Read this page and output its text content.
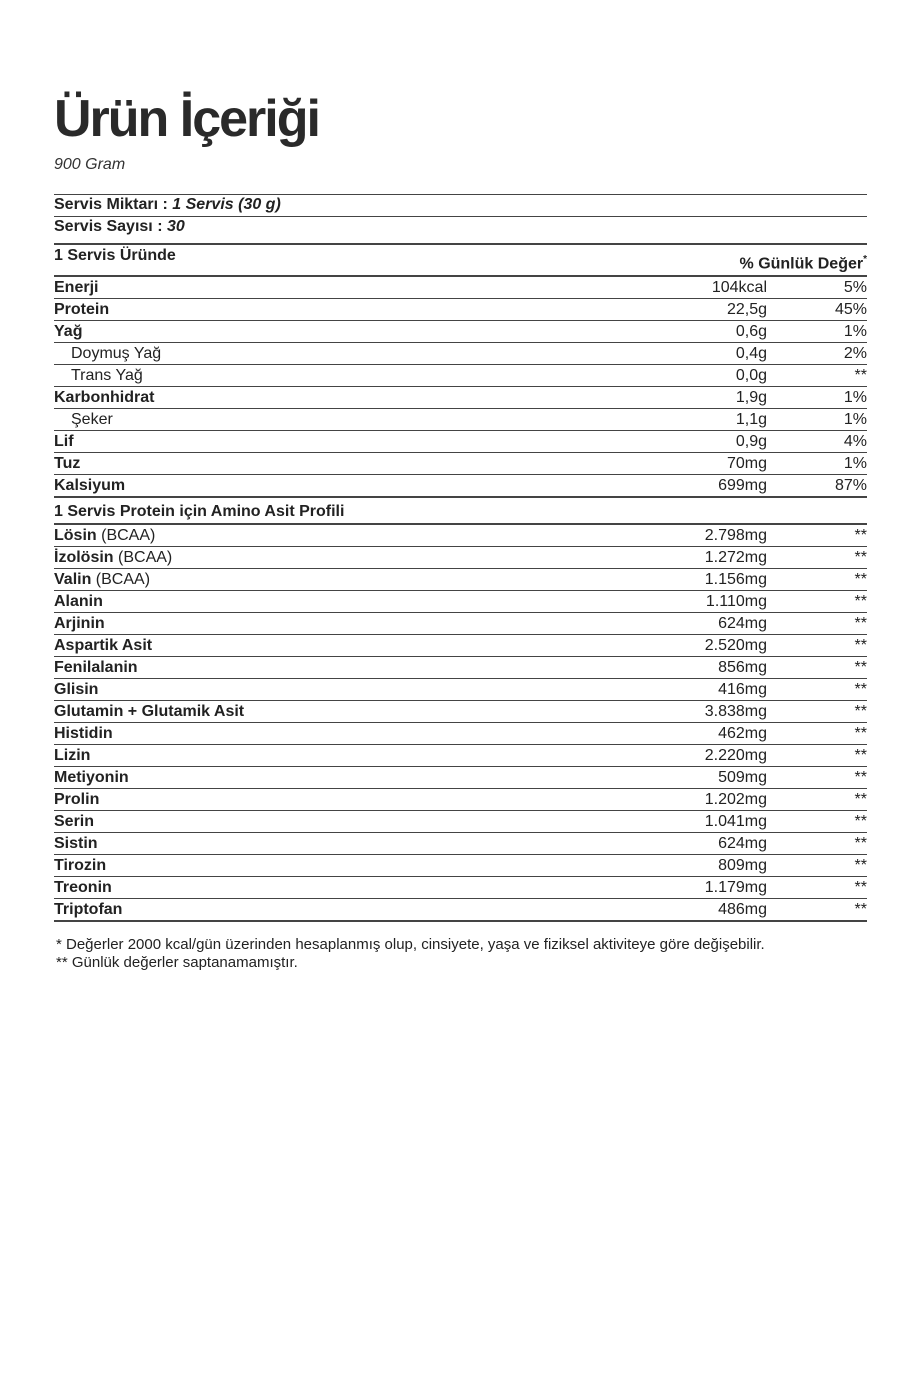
Ürün İçeriği
900 Gram
Servis Miktarı : 1 Servis (30 g)
Servis Sayısı : 30
1 Servis Üründe	% Günlük Değer*
Enerji	104kcal	5%
Protein	22,5g	45%
Yağ	0,6g	1%
Doymuş Yağ	0,4g	2%
Trans Yağ	0,0g	**
Karbonhidrat	1,9g	1%
Şeker	1,1g	1%
Lif	0,9g	4%
Tuz	70mg	1%
Kalsiyum	699mg	87%
1 Servis Protein için Amino Asit Profili
Lösin (BCAA)	2.798mg	**
İzolösin (BCAA)	1.272mg	**
Valin (BCAA)	1.156mg	**
Alanin	1.110mg	**
Arjinin	624mg	**
Aspartik Asit	2.520mg	**
Fenilalanin	856mg	**
Glisin	416mg	**
Glutamin + Glutamik Asit	3.838mg	**
Histidin	462mg	**
Lizin	2.220mg	**
Metiyonin	509mg	**
Prolin	1.202mg	**
Serin	1.041mg	**
Sistin	624mg	**
Tirozin	809mg	**
Treonin	1.179mg	**
Triptofan	486mg	**
* Değerler 2000 kcal/gün üzerinden hesaplanmış olup, cinsiyete, yaşa ve fiziksel aktiviteye göre değişebilir.
** Günlük değerler saptanamamıştır.
